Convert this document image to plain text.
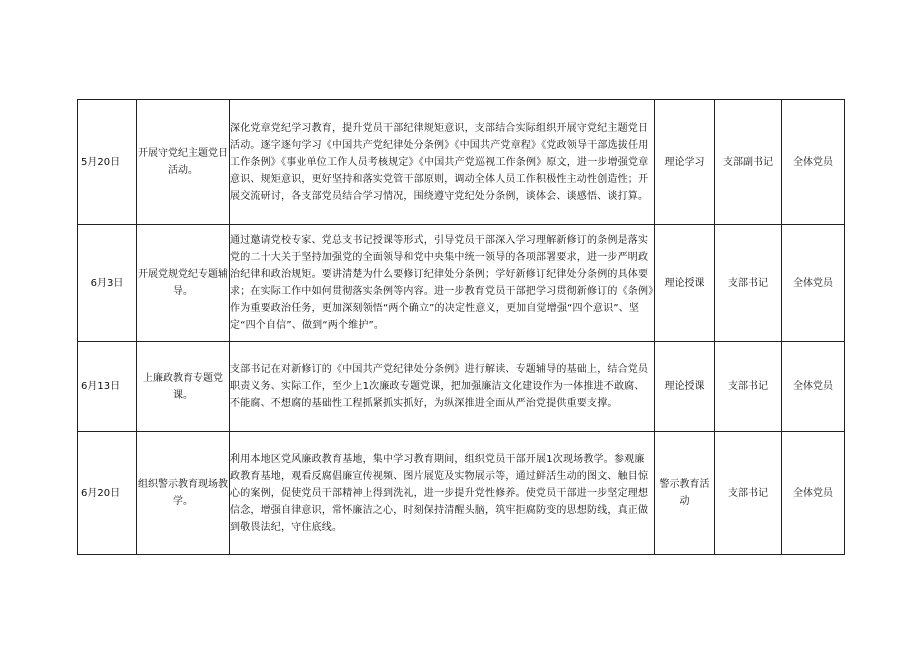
5月20日	开展守党纪主题党日活动。	深化党章党纪学习教育，提升党员干部纪律规矩意识，支部结合实际组织开展守党纪主题党日活动。逐字逐句学习《中国共产党纪律处分条例》《中国共产党章程》《党政领导干部选拔任用工作条例》《事业单位工作人员考核规定》《中国共产党巡视工作条例》原文，进一步增强党章意识、规矩意识，更好坚持和落实党管干部原则，调动全体人员工作积极性主动性创造性；开展交流研讨，各支部党员结合学习情况，围绕遵守党纪处分条例，谈体会、谈感悟、谈打算。	理论学习	支部副书记	全体党员
6月3日	开展党规党纪专题辅导。	通过邀请党校专家、党总支书记授课等形式，引导党员干部深入学习理解新修订的条例是落实党的二十大关于坚持加强党的全面领导和党中央集中统一领导的各项部署要求，进一步严明政治纪律和政治规矩。要讲清楚为什么要修订纪律处分条例；学好新修订纪律处分条例的具体要求；在实际工作中如何贯彻落实条例等内容。进一步教育党员干部把学习贯彻新修订的《条例》作为重要政治任务，更加深刻领悟“两个确立”的决定性意义，更加自觉增强“四个意识”、坚定“四个自信”、做到“两个维护”。	理论授课	支部书记	全体党员
6月13日	上廉政教育专题党课。	支部书记在对新修订的《中国共产党纪律处分条例》进行解读、专题辅导的基础上，结合党员职责义务、实际工作，至少上1次廉政专题党课，把加强廉洁文化建设作为一体推进不敢腐、不能腐、不想腐的基础性工程抓紧抓实抓好，为纵深推进全面从严治党提供重要支撑。	理论授课	支部书记	全体党员
6月20日	组织警示教育现场教学。	利用本地区党风廉政教育基地，集中学习教育期间，组织党员干部开展1次现场教学。参观廉政教育基地，观看反腐倡廉宣传视频、图片展览及实物展示等，通过鲜活生动的图文、触目惊心的案例，促使党员干部精神上得到洗礼，进一步提升党性修养。使党员干部进一步坚定理想信念，增强自律意识，常怀廉洁之心，时刻保持清醒头脑，筑牢拒腐防变的思想防线，真正做到敬畏法纪，守住底线。	警示教育活动	支部书记	全体党员
